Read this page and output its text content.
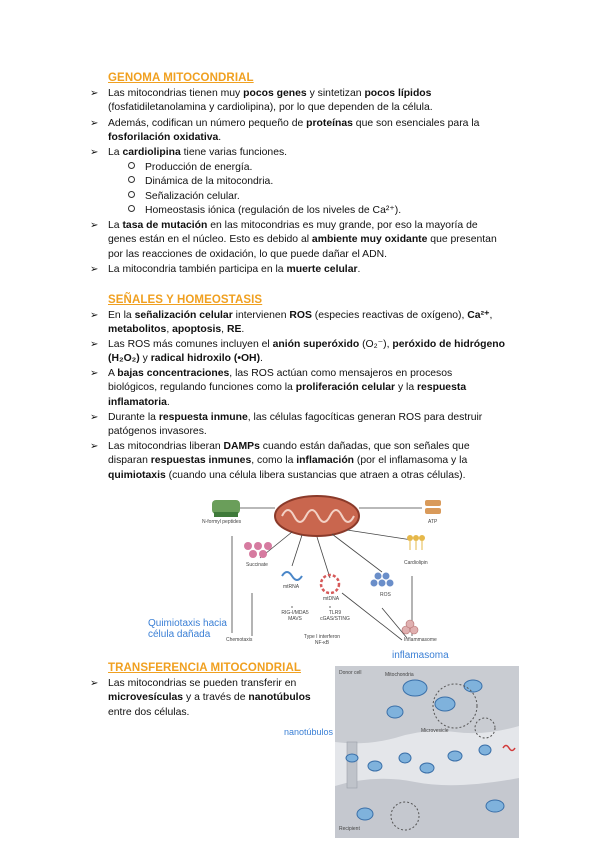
GENOMA MITOCONDRIAL
➢ Las mitocondrias tienen muy pocos genes y sintetizan pocos lípidos
(fosfatidiletanolamina y cardiolipina), por lo que dependen de la célula.
➢ Además, codifican un número pequeño de proteínas que son esenciales para la
fosforilación oxidativa.
➢ La cardiolipina tiene varias funciones.
Producción de energía.
Dinámica de la mitocondria.
Señalización celular.
Homeostasis iónica (regulación de los niveles de Ca²⁺).
➢ La tasa de mutación en las mitocondrias es muy grande, por eso la mayoría de
genes están en el núcleo. Esto es debido al ambiente muy oxidante que presentan
por las reacciones de oxidación, lo que puede dañar el ADN.
➢ La mitocondria también participa en la muerte celular.
SEÑALES Y HOMEOSTASIS
➢ En la señalización celular intervienen ROS (especies reactivas de oxígeno), Ca²⁺,
metabolitos, apoptosis, RE.
➢ Las ROS más comunes incluyen el anión superóxido (O₂⁻), peróxido de hidrógeno
(H₂O₂) y radical hidroxilo (•OH).
➢ A bajas concentraciones, las ROS actúan como mensajeros en procesos
biológicos, regulando funciones como la proliferación celular y la respuesta
inflamatoria.
➢ Durante la respuesta inmune, las células fagocíticas generan ROS para destruir
patógenos invasores.
➢ Las mitocondrias liberan DAMPs cuando están dañadas, que son señales que
disparan respuestas inmunes, como la inflamación (por el inflamasoma y la
quimiotaxis (cuando una célula libera sustancias que atraen a otras células).
N-formyl peptides	ATP
Succinate	Cardiolipin
ROS
mtRNA
mtDNA
RIG-I/MDA5 MAVS
TLR9 cGAS/STING
Type I interferon NF-κB
Chemotaxis	Inflammasome
Quimiotaxis hacia célula dañada
inflamasoma
TRANSFERENCIA MITOCONDRIAL
➢ Las mitocondrias se pueden transferir en
microvesículas y a través de nanotúbulos
entre dos células.
Donor cell	Mitochondria
Microvesicle
Recipient
nanotúbulos
